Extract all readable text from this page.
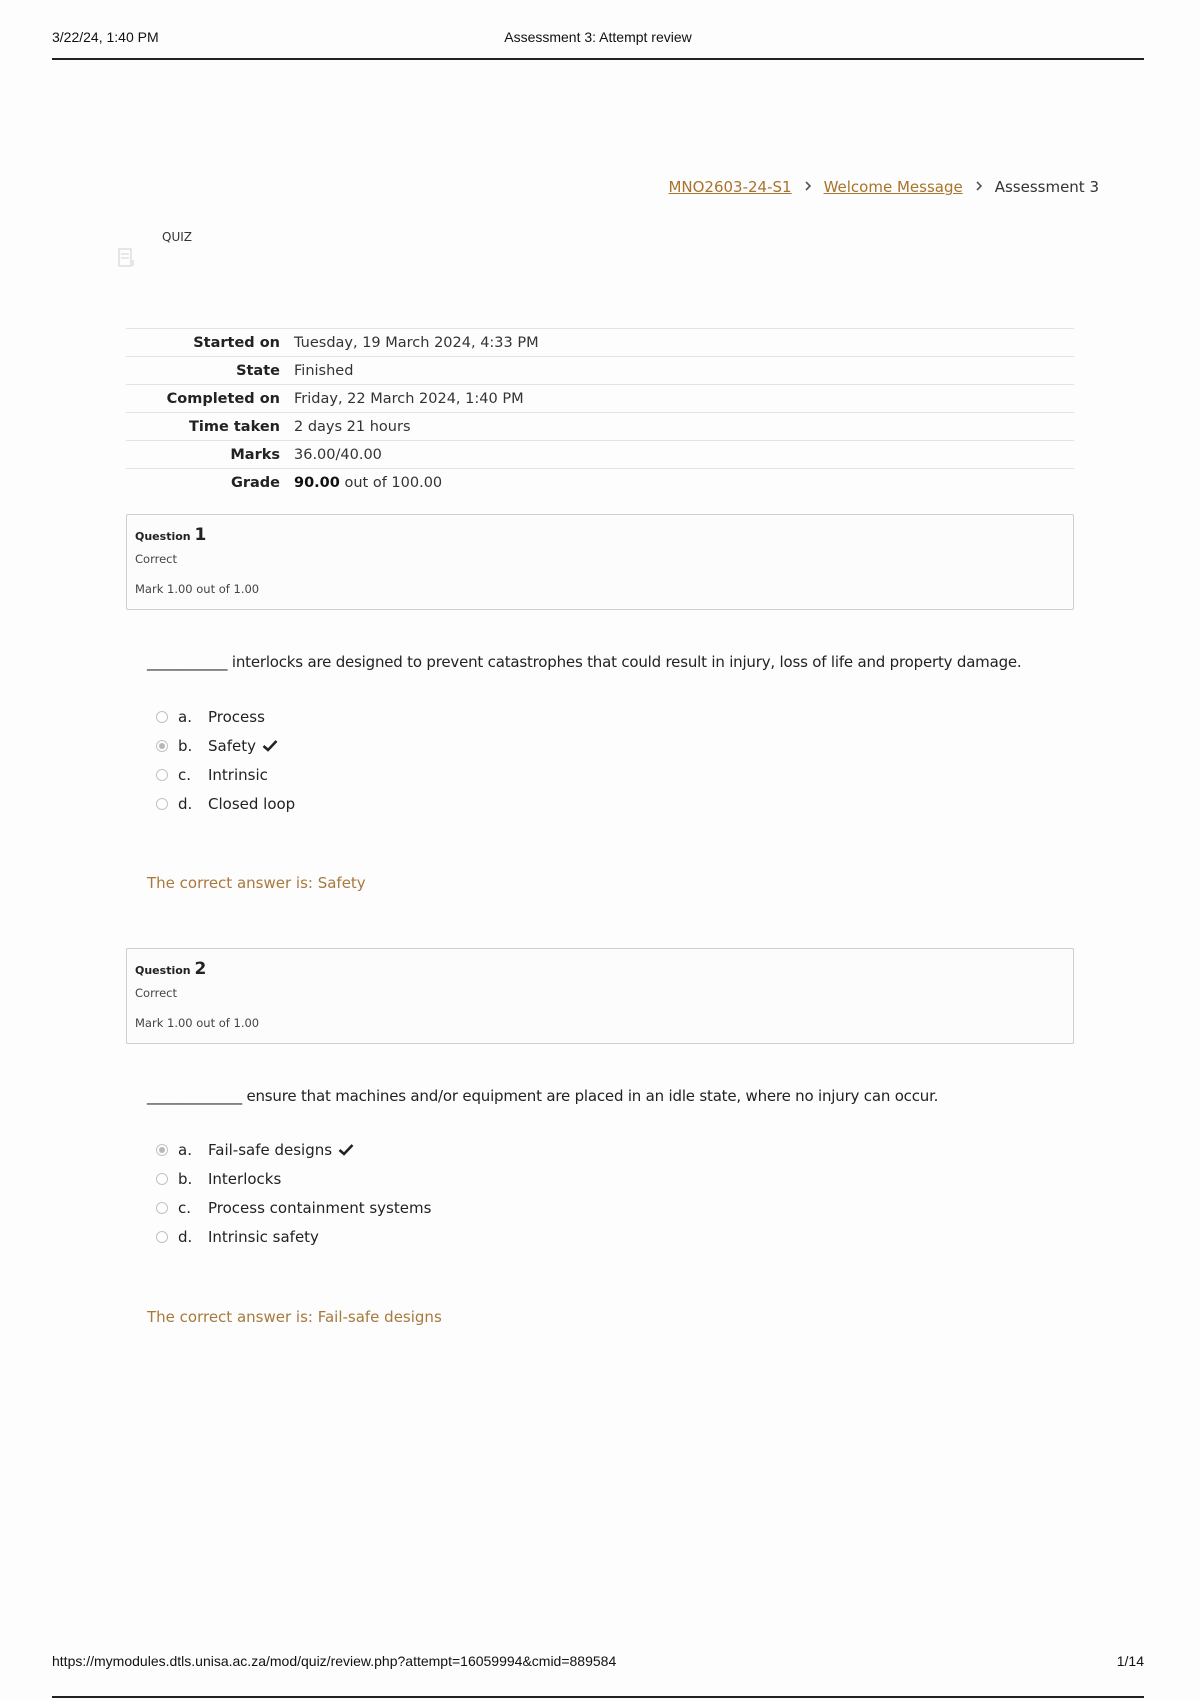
3/22/24, 1:40 PM	Assessment 3: Attempt review
MNO2603-24-S1 Welcome Message Assessment 3
QUIZ
Started on	Tuesday, 19 March 2024, 4:33 PM
State	Finished
Completed on	Friday, 22 March 2024, 1:40 PM
Time taken	2 days 21 hours
Marks	36.00/40.00
Grade	90.00 out of 100.00
Question 1
Correct
Mark 1.00 out of 1.00
___________ interlocks are designed to prevent catastrophes that could result in injury, loss of life and property damage.
a.	Process
b.	Safety
c.	Intrinsic
d.	Closed loop
The correct answer is: Safety
Question 2
Correct
Mark 1.00 out of 1.00
_____________ ensure that machines and/or equipment are placed in an idle state, where no injury can occur.
a.	Fail-safe designs
b.	Interlocks
c.	Process containment systems
d.	Intrinsic safety
The correct answer is: Fail-safe designs
https://mymodules.dtls.unisa.ac.za/mod/quiz/review.php?attempt=16059994&cmid=889584	1/14
